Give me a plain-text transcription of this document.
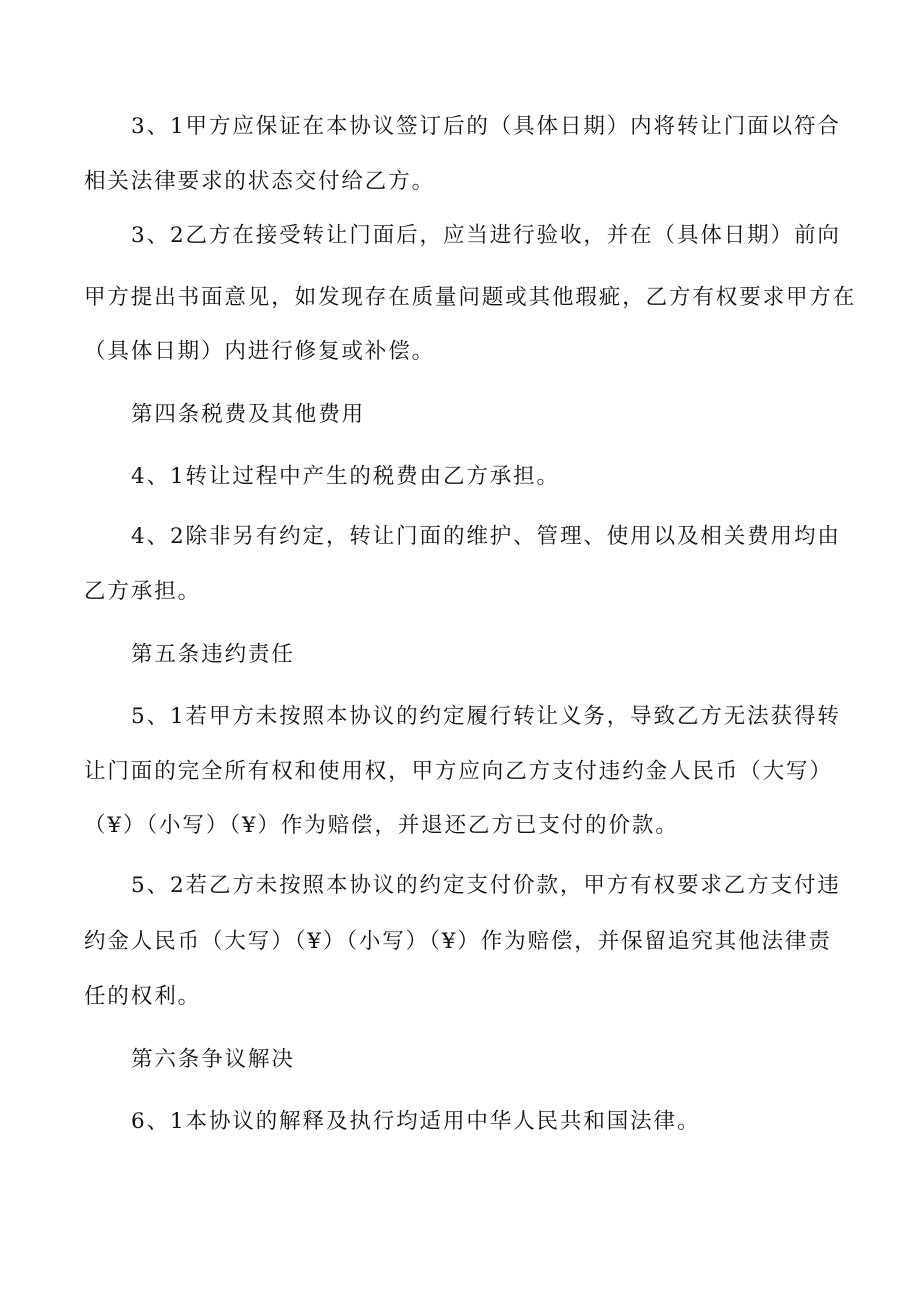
3、1甲方应保证在本协议签订后的（具体日期）内将转让门面以符合
相关法律要求的状态交付给乙方。
3、2乙方在接受转让门面后，应当进行验收，并在（具体日期）前向
甲方提出书面意见，如发现存在质量问题或其他瑕疵，乙方有权要求甲方在
（具体日期）内进行修复或补偿。
第四条税费及其他费用
4、1转让过程中产生的税费由乙方承担。
4、2除非另有约定，转让门面的维护、管理、使用以及相关费用均由
乙方承担。
第五条违约责任
5、1若甲方未按照本协议的约定履行转让义务，导致乙方无法获得转
让门面的完全所有权和使用权，甲方应向乙方支付违约金人民币（大写）
（¥）（小写）（¥）作为赔偿，并退还乙方已支付的价款。
5、2若乙方未按照本协议的约定支付价款，甲方有权要求乙方支付违
约金人民币（大写）（¥）（小写）（¥）作为赔偿，并保留追究其他法律责
任的权利。
第六条争议解决
6、1本协议的解释及执行均适用中华人民共和国法律。
